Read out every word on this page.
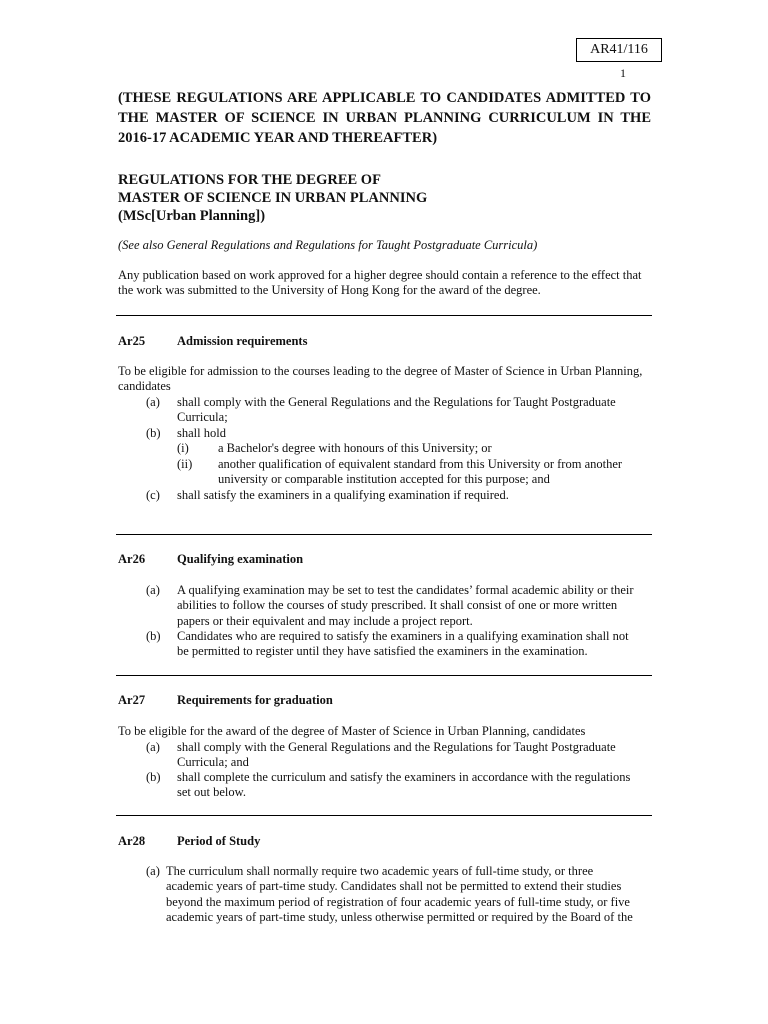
AR41/116
1
(THESE REGULATIONS ARE APPLICABLE TO CANDIDATES ADMITTED TO THE MASTER OF SCIENCE IN URBAN PLANNING CURRICULUM IN THE 2016-17 ACADEMIC YEAR AND THEREAFTER)
REGULATIONS FOR THE DEGREE OF
MASTER OF SCIENCE IN URBAN PLANNING
(MSc[Urban Planning])
(See also General Regulations and Regulations for Taught Postgraduate Curricula)
Any publication based on work approved for a higher degree should contain a reference to the effect that
the work was submitted to the University of Hong Kong for the award of the degree.
Ar25	Admission requirements
To be eligible for admission to the courses leading to the degree of Master of Science in Urban Planning,
candidates
(a) shall comply with the General Regulations and the Regulations for Taught Postgraduate
Curricula;
(b) shall hold
(i) a Bachelor's degree with honours of this University; or
(ii) another qualification of equivalent standard from this University or from another
university or comparable institution accepted for this purpose; and
(c) shall satisfy the examiners in a qualifying examination if required.
Ar26	Qualifying examination
(a) A qualifying examination may be set to test the candidates’ formal academic ability or their
abilities to follow the courses of study prescribed. It shall consist of one or more written
papers or their equivalent and may include a project report.
(b) Candidates who are required to satisfy the examiners in a qualifying examination shall not
be permitted to register until they have satisfied the examiners in the examination.
Ar27	Requirements for graduation
To be eligible for the award of the degree of Master of Science in Urban Planning, candidates
(a) shall comply with the General Regulations and the Regulations for Taught Postgraduate
Curricula; and
(b) shall complete the curriculum and satisfy the examiners in accordance with the regulations
set out below.
Ar28	Period of Study
(a) The curriculum shall normally require two academic years of full-time study, or three
academic years of part-time study. Candidates shall not be permitted to extend their studies
beyond the maximum period of registration of four academic years of full-time study, or five
academic years of part-time study, unless otherwise permitted or required by the Board of the
